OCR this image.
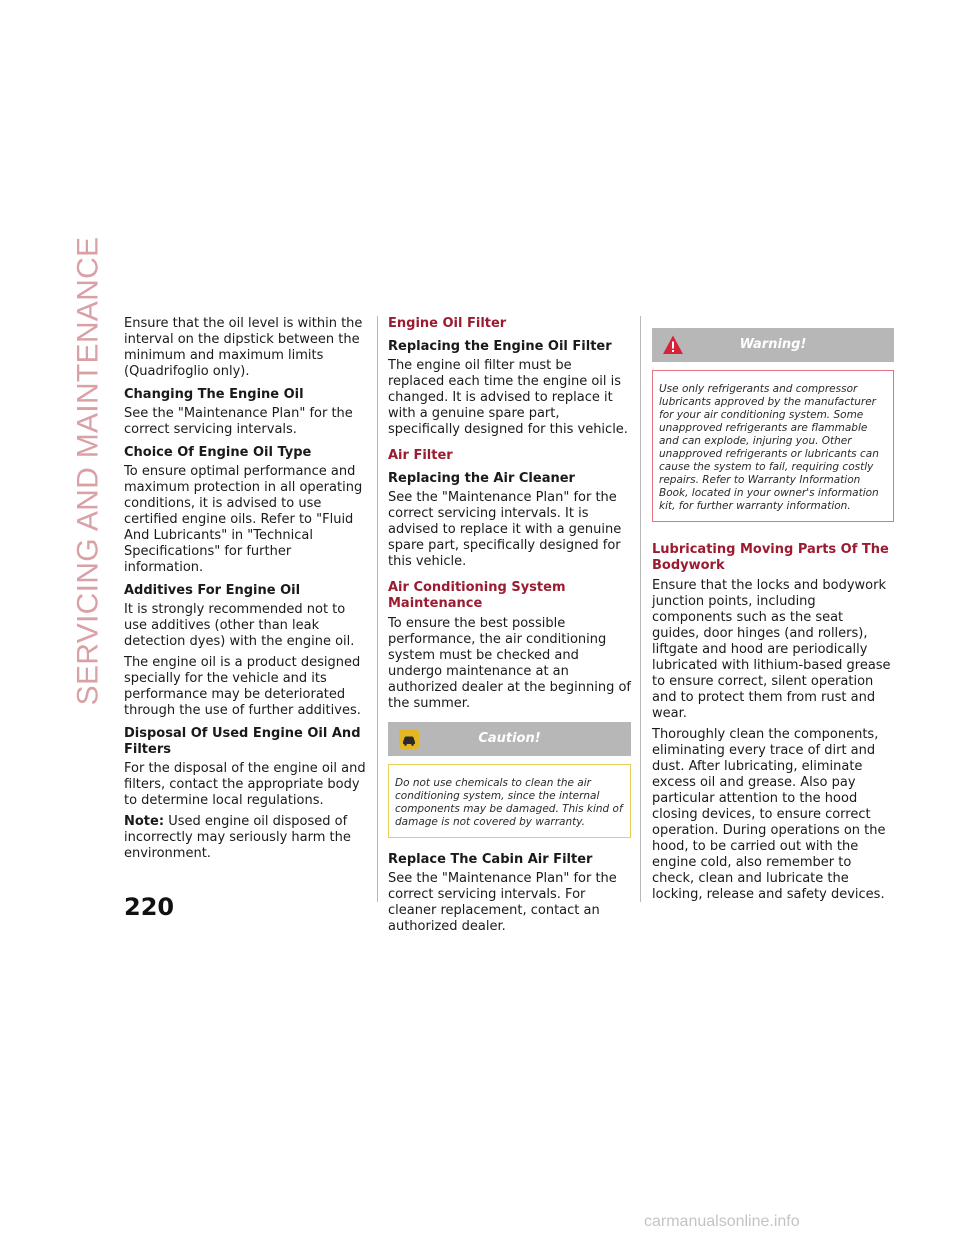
SERVICING AND MAINTENANCE Ensure that the oil level is within the interval on the dipstick between the minimum and maximum limits (Quadrifoglio only).

Changing The Engine Oil

See the "Maintenance Plan" for the correct servicing intervals.

Choice Of Engine Oil Type

To ensure optimal performance and maximum protection in all operating conditions, it is advised to use certified engine oils. Refer to "Fluid And Lubricants" in "Technical Specifications" for further information.

Additives For Engine Oil

It is strongly recommended not to use additives (other than leak detection dyes) with the engine oil.

The engine oil is a product designed specially for the vehicle and its performance may be deteriorated through the use of further additives.

Disposal Of Used Engine Oil And Filters

For the disposal of the engine oil and filters, contact the appropriate body to determine local regulations.

Note: Used engine oil disposed of incorrectly may seriously harm the environment.

Engine Oil Filter
Replacing the Engine Oil Filter

The engine oil filter must be replaced each time the engine oil is changed. It is advised to replace it with a genuine spare part, specifically designed for this vehicle.

Air Filter
Replacing the Air Cleaner

See the "Maintenance Plan" for the correct servicing intervals. It is advised to replace it with a genuine spare part, specifically designed for this vehicle.

Air Conditioning System Maintenance

To ensure the best possible performance, the air conditioning system must be checked and undergo maintenance at an authorized dealer at the beginning of the summer.

Caution!
Do not use chemicals to clean the air conditioning system, since the internal components may be damaged. This kind of damage is not covered by warranty.
Replace The Cabin Air Filter

See the "Maintenance Plan" for the correct servicing intervals. For cleaner replacement, contact an authorized dealer.

Warning!
Use only refrigerants and compressor lubricants approved by the manufacturer for your air conditioning system. Some unapproved refrigerants are flammable and can explode, injuring you. Other unapproved refrigerants or lubricants can cause the system to fail, requiring costly repairs. Refer to Warranty Information Book, located in your owner's information kit, for further warranty information.
Lubricating Moving Parts Of The Bodywork

Ensure that the locks and bodywork junction points, including components such as the seat guides, door hinges (and rollers), liftgate and hood are periodically lubricated with lithium-based grease to ensure correct, silent operation and to protect them from rust and wear.

Thoroughly clean the components, eliminating every trace of dirt and dust. After lubricating, eliminate excess oil and grease. Also pay particular attention to the hood closing devices, to ensure correct operation. During operations on the hood, to be carried out with the engine cold, also remember to check, clean and lubricate the locking, release and safety devices.

220
carmanualsonline.info
